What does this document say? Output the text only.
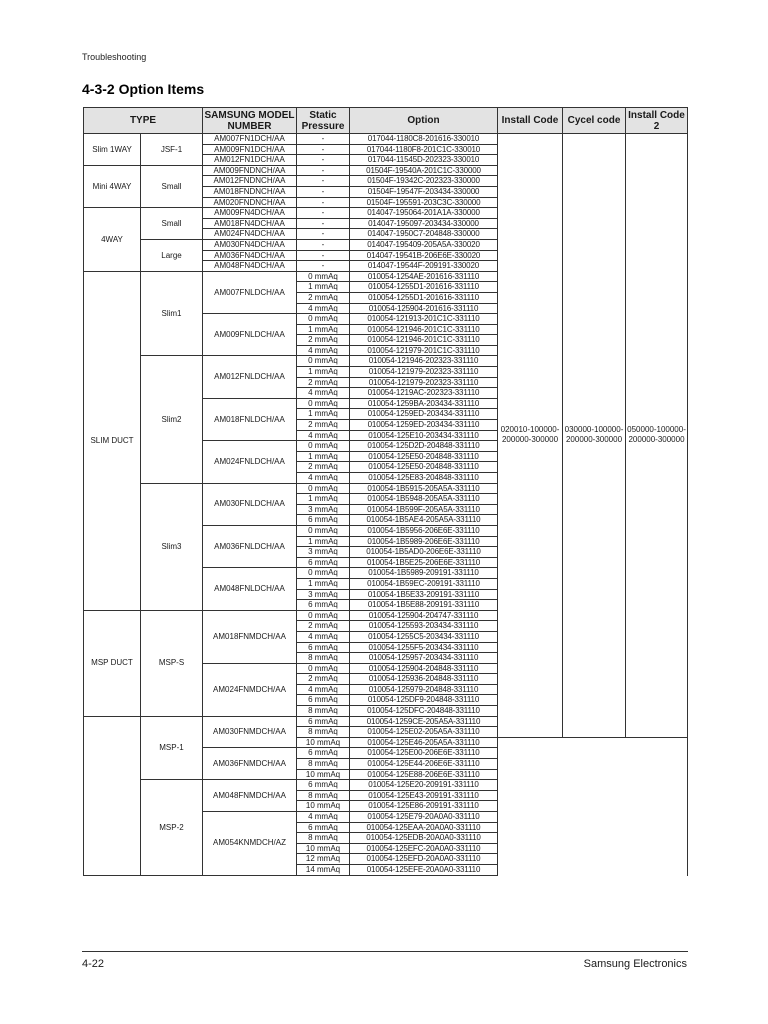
Troubleshooting
4-3-2 Option Items
TYPE		SAMSUNG MODEL NUMBER	Static Pressure	Option	Install Code	Cycel code	Install Code 2	
Slim 1WAY	JSF-1	AM007FN1DCH/AA	-	017044-1180C8-201616-330010	020010-100000-200000-300000	030000-100000-200000-300000	050000-100000-200000-300000	
		AM009FN1DCH/AA	-	017044-1180F8-201C1C-330010				
		AM012FN1DCH/AA	-	017044-11545D-202323-330010				
Mini 4WAY	Small	AM009FNDNCH/AA	-	01504F-19540A-201C1C-330000				
		AM012FNDNCH/AA	-	01504F-19342C-202323-330000				
		AM018FNDNCH/AA	-	01504F-19547F-203434-330000				
		AM020FNDNCH/AA	-	01504F-195591-203C3C-330000				
4WAY	Small	AM009FN4DCH/AA	-	014047-195064-201A1A-330000				
		AM018FN4DCH/AA	-	014047-195097-203434-330000				
		AM024FN4DCH/AA	-	014047-1950C7-204848-330000				
	Large	AM030FN4DCH/AA	-	014047-195409-205A5A-330020				
		AM036FN4DCH/AA	-	014047-19541B-206E6E-330020				
		AM048FN4DCH/AA	-	014047-19544F-209191-330020				
SLIM DUCT	Slim1	AM007FNLDCH/AA	0 mmAq	010054-1254AE-201616-331110				
			1 mmAq	010054-1255D1-201616-331110				
			2 mmAq	010054-1255D1-201616-331110				
			4 mmAq	010054-125904-201616-331110				
		AM009FNLDCH/AA	0 mmAq	010054-121913-201C1C-331110				
			1 mmAq	010054-121946-201C1C-331110				
			2 mmAq	010054-121946-201C1C-331110				
			4 mmAq	010054-121979-201C1C-331110				
	Slim2	AM012FNLDCH/AA	0 mmAq	010054-121946-202323-331110				
			1 mmAq	010054-121979-202323-331110				
			2 mmAq	010054-121979-202323-331110				
			4 mmAq	010054-1219AC-202323-331110				
		AM018FNLDCH/AA	0 mmAq	010054-1259BA-203434-331110				
			1 mmAq	010054-1259ED-203434-331110				
			2 mmAq	010054-1259ED-203434-331110				
			4 mmAq	010054-125E10-203434-331110				
		AM024FNLDCH/AA	0 mmAq	010054-125D2D-204848-331110				
			1 mmAq	010054-125E50-204848-331110				
			2 mmAq	010054-125E50-204848-331110				
			4 mmAq	010054-125E83-204848-331110				
	Slim3	AM030FNLDCH/AA	0 mmAq	010054-1B5915-205A5A-331110				
			1 mmAq	010054-1B5948-205A5A-331110				
			3 mmAq	010054-1B599F-205A5A-331110				
			6 mmAq	010054-1B5AE4-205A5A-331110				
		AM036FNLDCH/AA	0 mmAq	010054-1B5956-206E6E-331110				
			1 mmAq	010054-1B5989-206E6E-331110				
			3 mmAq	010054-1B5AD0-206E6E-331110				
			6 mmAq	010054-1B5E25-206E6E-331110				
		AM048FNLDCH/AA	0 mmAq	010054-1B5989-209191-331110				
			1 mmAq	010054-1B59EC-209191-331110				
			3 mmAq	010054-1B5E33-209191-331110				
			6 mmAq	010054-1B5E88-209191-331110				
MSP DUCT	MSP-S	AM018FNMDCH/AA	0 mmAq	010054-125904-204747-331110				
			2 mmAq	010054-125593-203434-331110				
			4 mmAq	010054-1255C5-203434-331110				
			6 mmAq	010054-1255F5-203434-331110				
			8 mmAq	010054-125957-203434-331110				
		AM024FNMDCH/AA	0 mmAq	010054-125904-204848-331110				
			2 mmAq	010054-125936-204848-331110				
			4 mmAq	010054-125979-204848-331110				
			6 mmAq	010054-125DF9-204848-331110				
			8 mmAq	010054-125DFC-204848-331110				
	MSP-1	AM030FNMDCH/AA	6 mmAq	010054-1259CE-205A5A-331110				
			8 mmAq	010054-125E02-205A5A-331110				
			10 mmAq	010054-125E46-205A5A-331110				
		AM036FNMDCH/AA	6 mmAq	010054-125E00-206E6E-331110				
			8 mmAq	010054-125E44-206E6E-331110				
			10 mmAq	010054-125E88-206E6E-331110				
	MSP-2	AM048FNMDCH/AA	6 mmAq	010054-125E20-209191-331110				
			8 mmAq	010054-125E43-209191-331110				
			10 mmAq	010054-125E86-209191-331110				
		AM054KNMDCH/AZ	4 mmAq	010054-125E79-20A0A0-331110				
			6 mmAq	010054-125EAA-20A0A0-331110				
			8 mmAq	010054-125EDB-20A0A0-331110				
			10 mmAq	010054-125EFC-20A0A0-331110				
			12 mmAq	010054-125EFD-20A0A0-331110				
			14 mmAq	010054-125EFE-20A0A0-331110				
4-22	Samsung Electronics
